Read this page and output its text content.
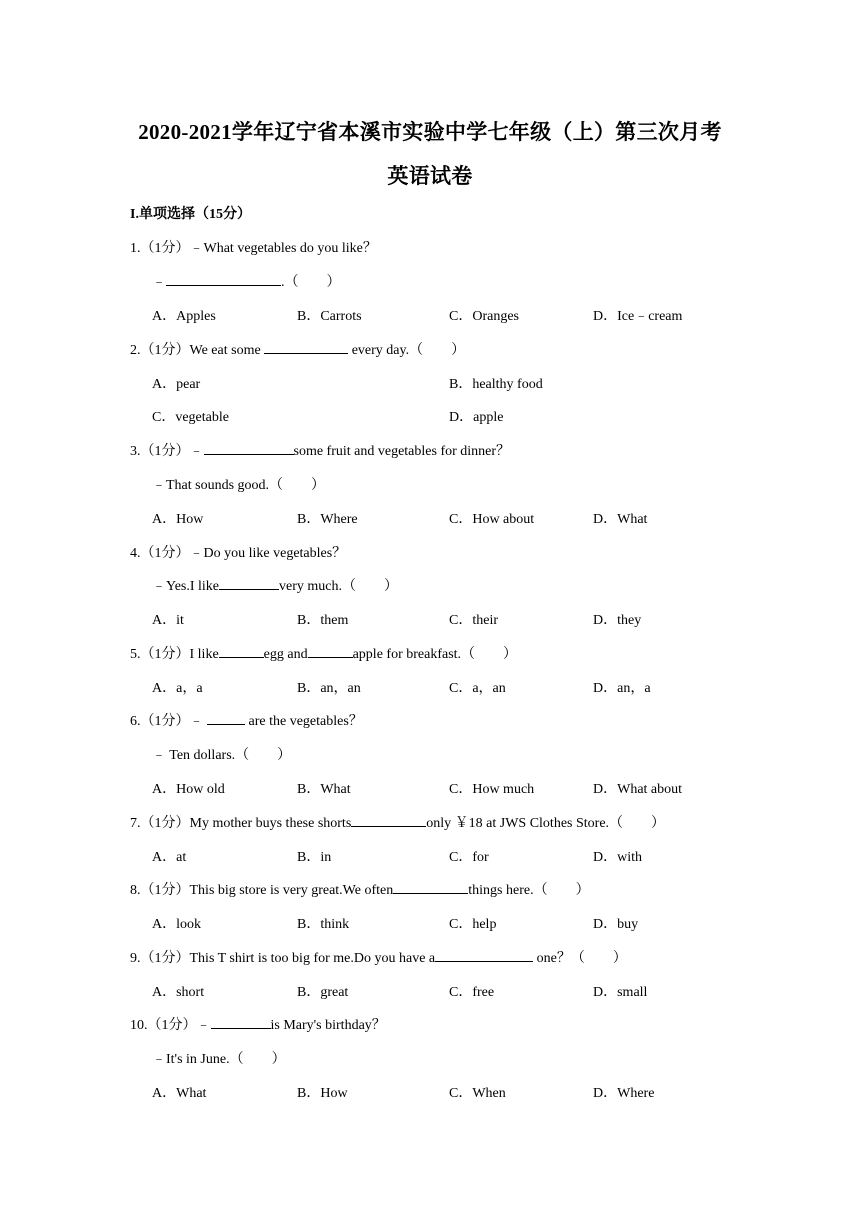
2020-2021学年辽宁省本溪市实验中学七年级（上）第三次月考
英语试卷
I.单项选择（15分）
1.（1分）﹣What vegetables do you like？
﹣	.（　　）
A．Apples	B．Carrots	C．Oranges	D．Ice﹣cream
2.（1分）We eat some	every day.（　　）
A．pear	B．healthy food
C．vegetable	D．apple
3.（1分）﹣	some fruit and vegetables for dinner？
﹣That sounds good.（　　）
A．How	B．Where	C．How about	D．What
4.（1分）﹣Do you like vegetables？
﹣Yes.I like	very much.（　　）
A．it	B．them	C．their	D．they
5.（1分）I like	egg and	apple for breakfast.（　　）
A．a，a	B．an，an	C．a，an	D．an，a
6.（1分）﹣	are the vegetables？
﹣ Ten dollars.（　　）
A．How old	B．What	C．How much	D．What about
7.（1分）My mother buys these shorts	only ￥18 at JWS Clothes Store.（　　）
A．at	B．in	C．for	D．with
8.（1分）This big store is very great.We often	things here.（　　）
A．look	B．think	C．help	D．buy
9.（1分）This T shirt is too big for me.Do you have a	one？（　　）
A．short	B．great	C．free	D．small
10.（1分）﹣	is Mary's birthday？
﹣It's in June.（　　）
A．What	B．How	C．When	D．Where
